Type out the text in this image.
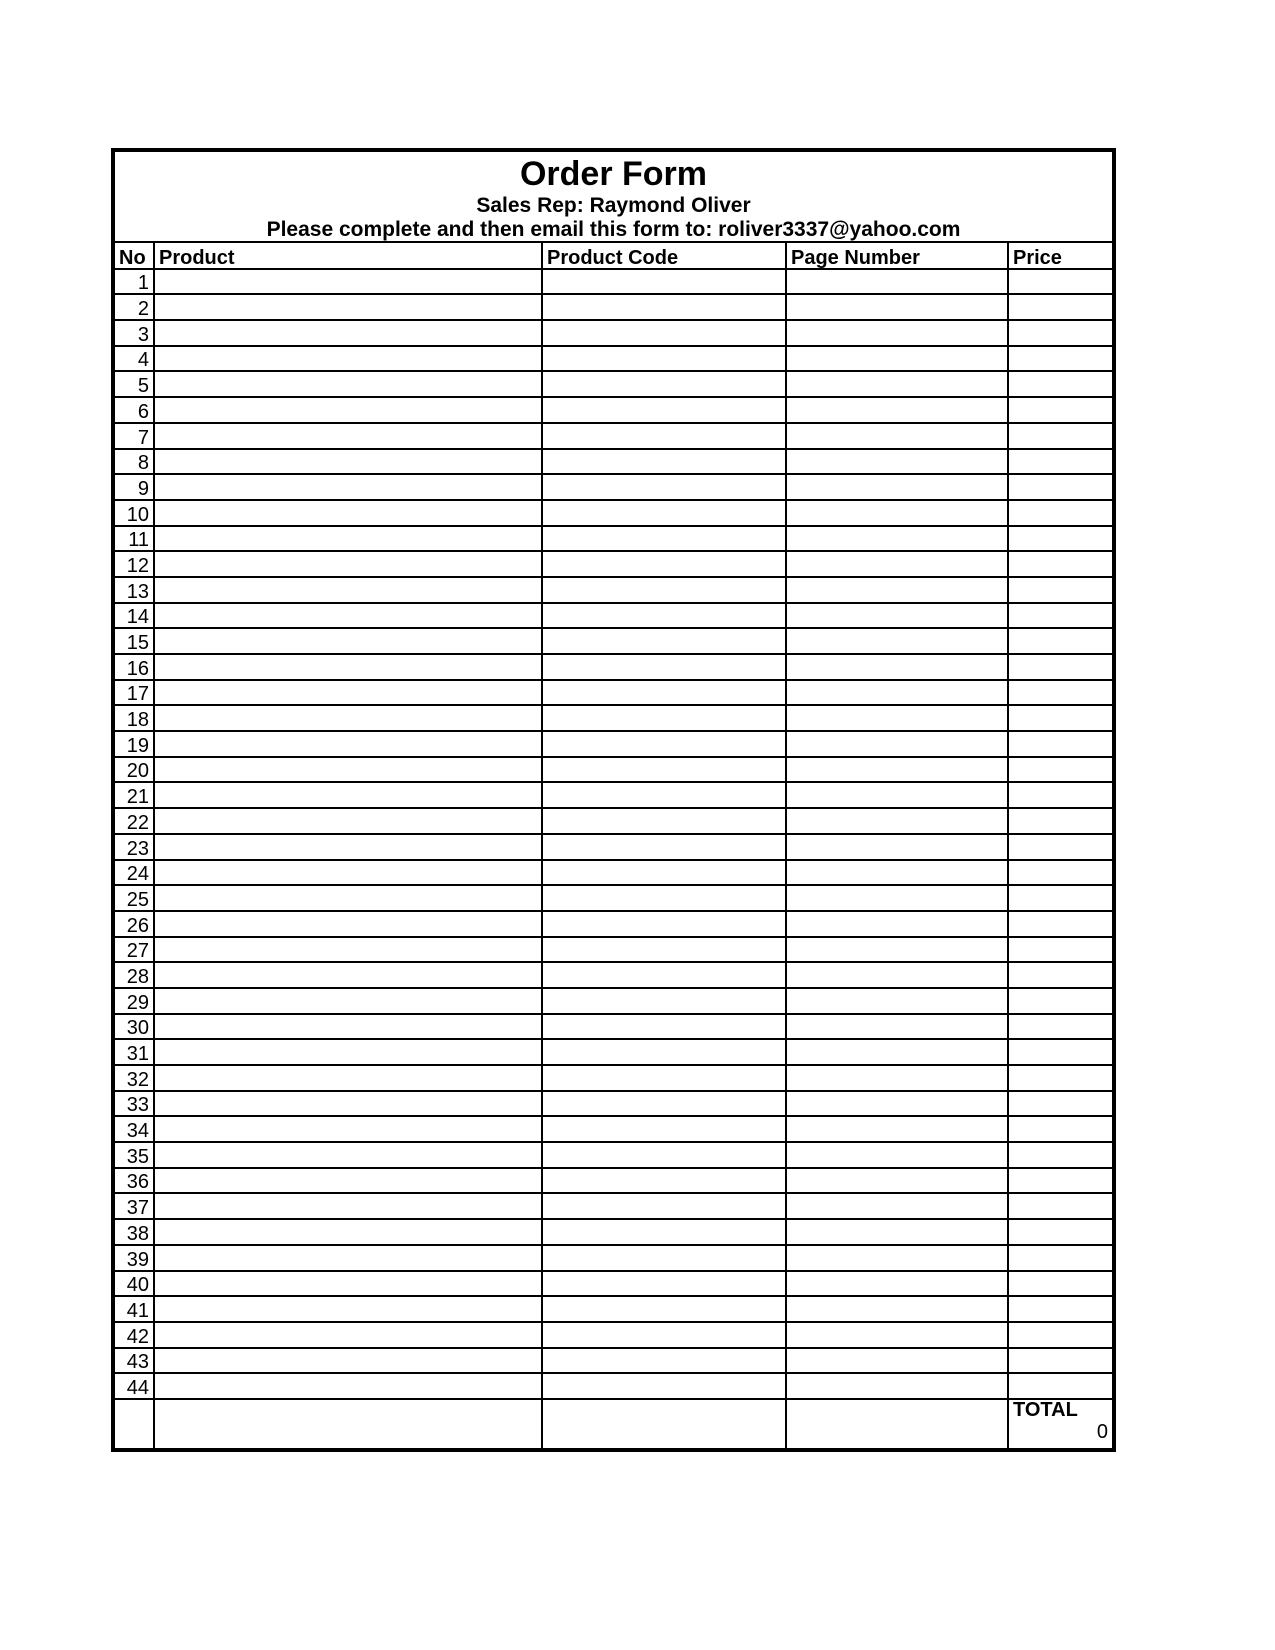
Order Form
Sales Rep: Raymond Oliver
Please complete and then email this form to: roliver3337@yahoo.com
No	Product	Product Code	Page Number	Price
1				
2				
3				
4				
5				
6				
7				
8				
9				
10				
11				
12				
13				
14				
15				
16				
17				
18				
19				
20				
21				
22				
23				
24				
25				
26				
27				
28				
29				
30				
31				
32				
33				
34				
35				
36				
37				
38				
39				
40				
41				
42				
43				
44				

				TOTAL
0
